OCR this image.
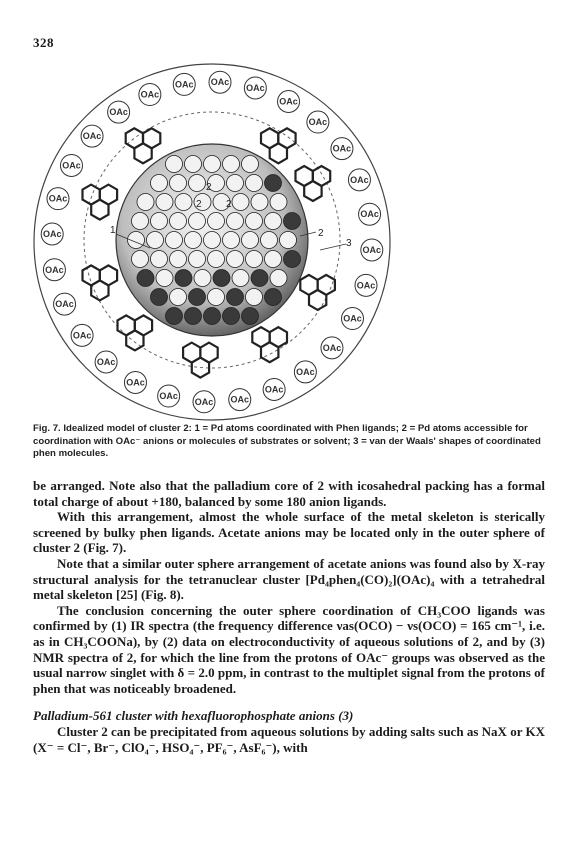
328
OAc
OAc
OAc
OAc
OAc
OAc
OAc
OAc
OAc
OAc
OAc
OAc
OAc
OAc
OAc
OAc
OAc
OAc
OAc
OAc
OAc
OAc
OAc
OAc
OAc
OAc
OAc
OAc
1
2
2 2
2
3
Fig. 7. Idealized model of cluster 2: 1 = Pd atoms coordinated with Phen ligands; 2 = Pd atoms accessible for coordination with OAc⁻ anions or molecules of substrates or solvent; 3 = van der Waals' shapes of coordinated phen molecules.

be arranged. Note also that the palladium core of 2 with icosahedral packing has a formal total charge of about +180, balanced by some 180 anion ligands.

With this arrangement, almost the whole surface of the metal skeleton is sterically screened by bulky phen ligands. Acetate anions may be located only in the outer sphere of cluster 2 (Fig. 7).

Note that a similar outer sphere arrangement of acetate anions was found also by X-ray structural analysis for the tetranuclear cluster [Pd₄phen₄(CO)₂](OAc)₄ with a tetrahedral metal skeleton [25] (Fig. 8).

The conclusion concerning the outer sphere coordination of CH₃COO ligands was confirmed by (1) IR spectra (the frequency difference νas(OCO) − νs(OCO) = 165 cm⁻¹, i.e. as in CH₃COONa), by (2) data on electroconductivity of aqueous solutions of 2, and by (3) NMR spectra of 2, for which the line from the protons of OAc⁻ groups was observed as the usual narrow singlet with δ = 2.0 ppm, in contrast to the multiplet signal from the protons of phen that was noticeably broadened.

Palladium-561 cluster with hexafluorophosphate anions (3)

Cluster 2 can be precipitated from aqueous solutions by adding salts such as NaX or KX (X⁻ = Cl⁻, Br⁻, ClO₄⁻, HSO₄⁻, PF₆⁻, AsF₆⁻), with
